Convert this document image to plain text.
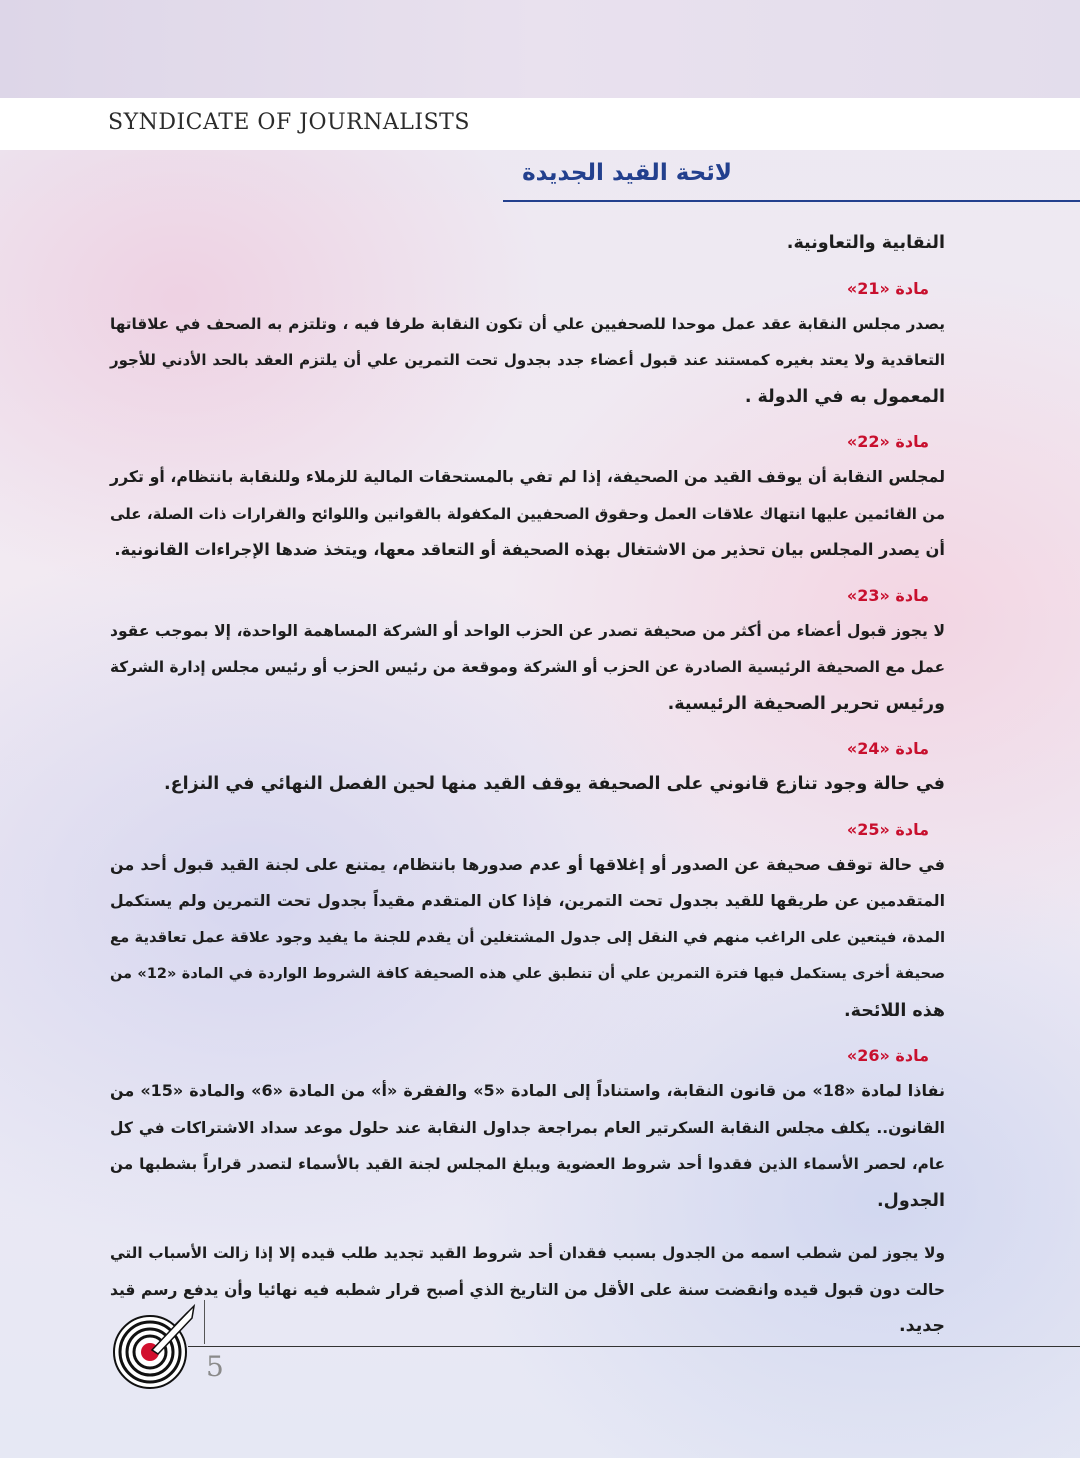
SYNDICATE OF JOURNALISTS
لائحة القيد الجديدة
النقابية والتعاونية.
مادة «21»
يصدر مجلس النقابة عقد عمل موحدا للصحفيين علي أن تكون النقابة طرفا فيه ، وتلتزم به الصحف في علاقاتها
التعاقدية ولا يعتد بغيره كمستند عند قبول أعضاء جدد بجدول تحت التمرين علي أن يلتزم العقد بالحد الأدني للأجور
المعمول به في الدولة .
مادة «22»
لمجلس النقابة أن يوقف القيد من الصحيفة، إذا لم تفي بالمستحقات المالية للزملاء وللنقابة بانتظام، أو تكرر
من القائمين عليها انتهاك علاقات العمل وحقوق الصحفيين المكفولة بالقوانين واللوائح والقرارات ذات الصلة، على
أن يصدر المجلس بيان تحذير من الاشتغال بهذه الصحيفة أو التعاقد معها، ويتخذ ضدها الإجراءات القانونية.
مادة «23»
لا يجوز قبول أعضاء من أكثر من صحيفة تصدر عن الحزب الواحد أو الشركة المساهمة الواحدة، إلا بموجب عقود
عمل مع الصحيفة الرئيسية الصادرة عن الحزب أو الشركة وموقعة من رئيس الحزب أو رئيس مجلس إدارة الشركة
ورئيس تحرير الصحيفة الرئيسية.
مادة «24»
في حالة وجود تنازع قانوني على الصحيفة يوقف القيد منها لحين الفصل النهائي في النزاع.
مادة «25»
في حالة توقف صحيفة عن الصدور أو إغلاقها أو عدم صدورها بانتظام، يمتنع على لجنة القيد قبول أحد من
المتقدمين عن طريقها للقيد بجدول تحت التمرين، فإذا كان المتقدم مقيداً بجدول تحت التمرين ولم يستكمل
المدة، فيتعين على الراغب منهم في النقل إلى جدول المشتغلين أن يقدم للجنة ما يفيد وجود علاقة عمل تعاقدية مع
صحيفة أخرى يستكمل فيها فترة التمرين علي أن تنطبق علي هذه الصحيفة كافة الشروط الواردة في المادة «12» من
هذه اللائحة.
مادة «26»
نفاذا لمادة «18» من قانون النقابة، واستناداً إلى المادة «5» والفقرة «أ» من المادة «6» والمادة «15» من
القانون.. يكلف مجلس النقابة السكرتير العام بمراجعة جداول النقابة عند حلول موعد سداد الاشتراكات في كل
عام، لحصر الأسماء الذين فقدوا أحد شروط العضوية ويبلغ المجلس لجنة القيد بالأسماء لتصدر قراراً بشطبها من
الجدول.
ولا يجوز لمن شطب اسمه من الجدول بسبب فقدان أحد شروط القيد تجديد طلب قيده إلا إذا زالت الأسباب التي
حالت دون قبول قيده وانقضت سنة على الأقل من التاريخ الذي أصبح قرار شطبه فيه نهائيا وأن يدفع رسم قيد
جديد.
5
